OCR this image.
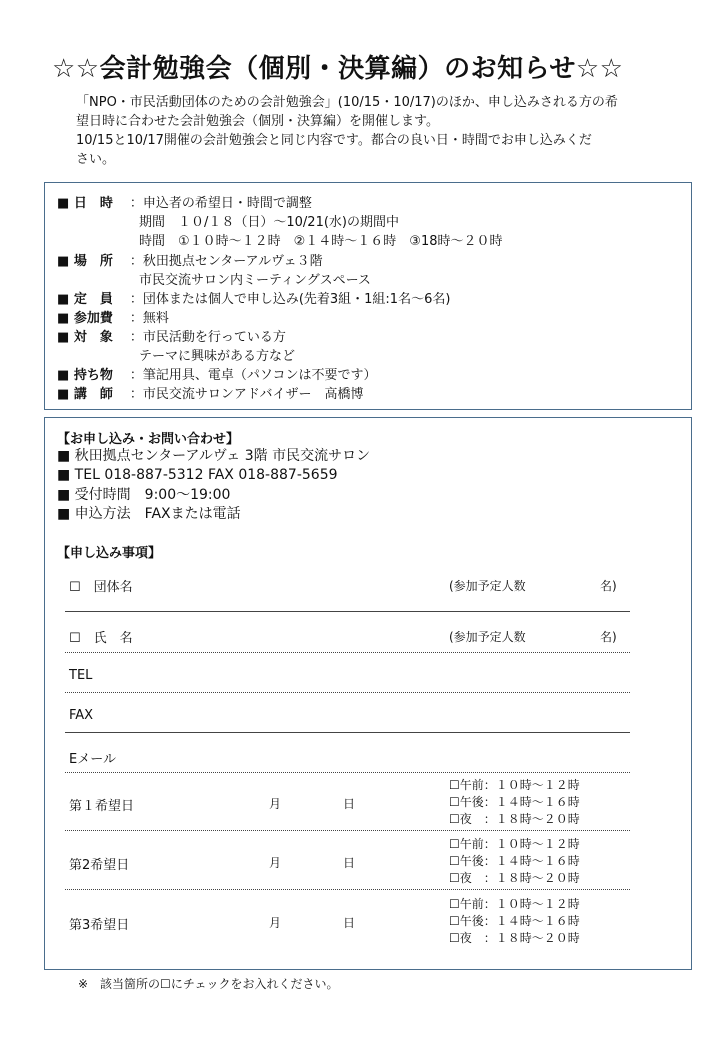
☆☆会計勉強会（個別・決算編）のお知らせ☆☆

「NPO・市民活動団体のための会計勉強会」(10/15・10/17)のほか、申し込みされる方の希

望日時に合わせた会計勉強会（個別・決算編）を開催します。

10/15と10/17開催の会計勉強会と同じ内容です。都合の良い日・時間でお申し込みくだ

さい。

■ 日　時 ：申込者の希望日・時間で調整
期間　１０/１８（日）～10/21(水)の期間中
時間　①１０時～１２時　②１４時～１６時　③18時～２０時
■ 場　所 ：秋田拠点センターアルヴェ３階
市民交流サロン内ミーティングスペース
■ 定　員 ：団体または個人で申し込み(先着3組・1組:1名～6名)
■ 参加費 ：無料
■ 対　象 ：市民活動を行っている方
テーマに興味がある方など
■ 持ち物 ：筆記用具、電卓（パソコンは不要です）
■ 講　師 ：市民交流サロンアドバイザー　高橋博
【お申し込み・お問い合わせ】
■ 秋田拠点センターアルヴェ 3階 市民交流サロン
■ TEL 018-887-5312 FAX 018-887-5659
■ 受付時間　9:00～19:00
■ 申込方法　FAXまたは電話
【申し込み事項】
☐　団体名	(参加予定人数	名)
☐　氏　名	(参加予定人数	名)
TEL
FAX
Eメール
第１希望日	月	日
☐午前：１０時～１２時
☐午後：１４時～１６時
☐夜　：１８時～２０時
第2希望日	月	日
☐午前：１０時～１２時
☐午後：１４時～１６時
☐夜　：１８時～２０時
第3希望日	月	日
☐午前：１０時～１２時
☐午後：１４時～１６時
☐夜　：１８時～２０時
※　該当箇所の☐にチェックをお入れください。
